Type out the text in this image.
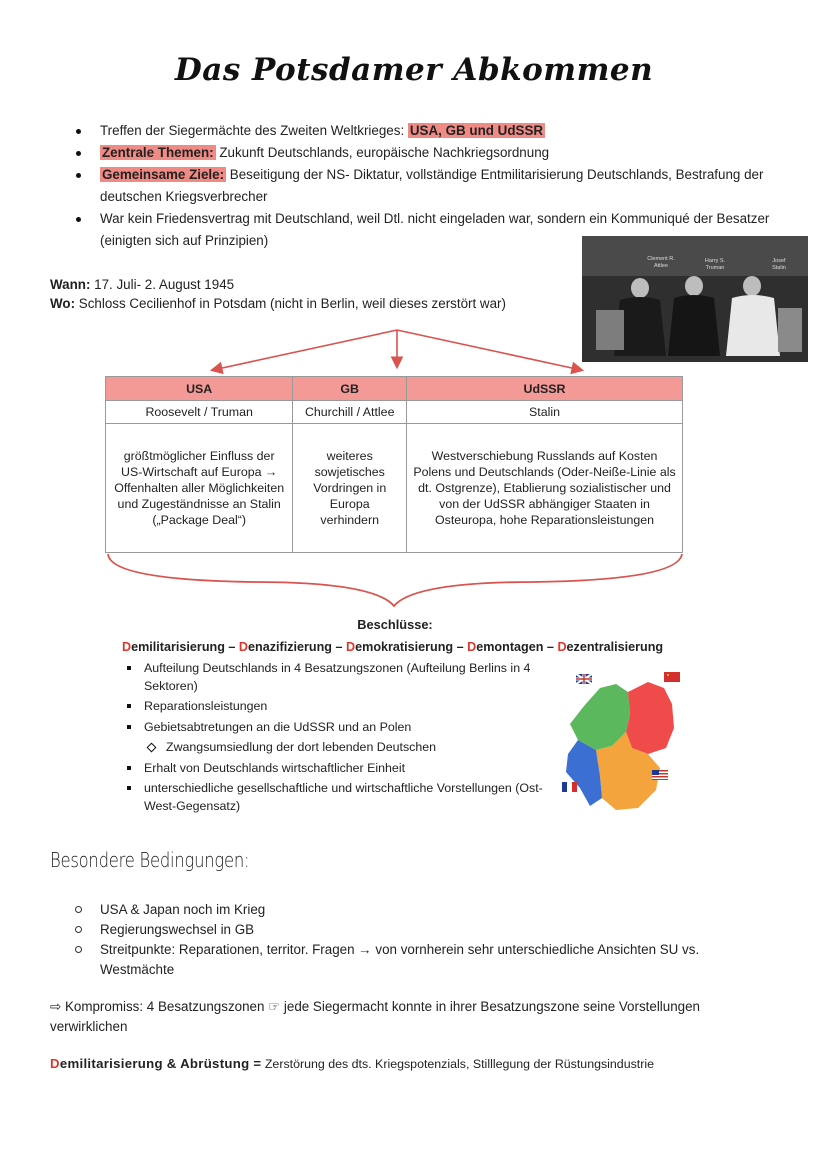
Das Potsdamer Abkommen
Treffen der Siegermächte des Zweiten Weltkrieges: USA, GB und UdSSR
Zentrale Themen: Zukunft Deutschlands, europäische Nachkriegsordnung
Gemeinsame Ziele: Beseitigung der NS- Diktatur, vollständige Entmilitarisierung Deutschlands, Bestrafung der deutschen Kriegsverbrecher
War kein Friedensvertrag mit Deutschland, weil Dtl. nicht eingeladen war, sondern ein Kommuniqué der Besatzer (einigten sich auf Prinzipien)
Wann: 17. Juli- 2. August 1945
Wo: Schloss Cecilienhof in Potsdam (nicht in Berlin, weil dieses zerstört war)
Clement R. Attlee
Harry S. Truman
Josef Stalin
USA	GB	UdSSR
Roosevelt / Truman	Churchill / Attlee	Stalin
größtmöglicher Einfluss der US-Wirtschaft auf Europa → Offenhalten aller Möglichkeiten und Zugeständnisse an Stalin („Package Deal“)	weiteres sowjetisches Vordringen in Europa verhindern	Westverschiebung Russlands auf Kosten Polens und Deutschlands (Oder-Neiße-Linie als dt. Ostgrenze), Etablierung sozialistischer und von der UdSSR abhängiger Staaten in Osteuropa, hohe Reparationsleistungen
Beschlüsse:
Demilitarisierung – Denazifizierung – Demokratisierung – Demontagen – Dezentralisierung
Aufteilung Deutschlands in 4 Besatzungszonen (Aufteilung Berlins in 4 Sektoren)
Reparationsleistungen
Gebietsabtretungen an die UdSSR und an Polen
Zwangsumsiedlung der dort lebenden Deutschen
Erhalt von Deutschlands wirtschaftlicher Einheit
unterschiedliche gesellschaftliche und wirtschaftliche Vorstellungen (Ost-West-Gegensatz)
Besondere Bedingungen:
USA & Japan noch im Krieg
Regierungswechsel in GB
Streitpunkte: Reparationen, territor. Fragen → von vornherein sehr unterschiedliche Ansichten SU vs. Westmächte
⇨ Kompromiss: 4 Besatzungszonen ☞ jede Siegermacht konnte in ihrer Besatzungszone seine Vorstellungen verwirklichen
Demilitarisierung & Abrüstung = Zerstörung des dts. Kriegspotenzials, Stilllegung der Rüstungsindustrie
